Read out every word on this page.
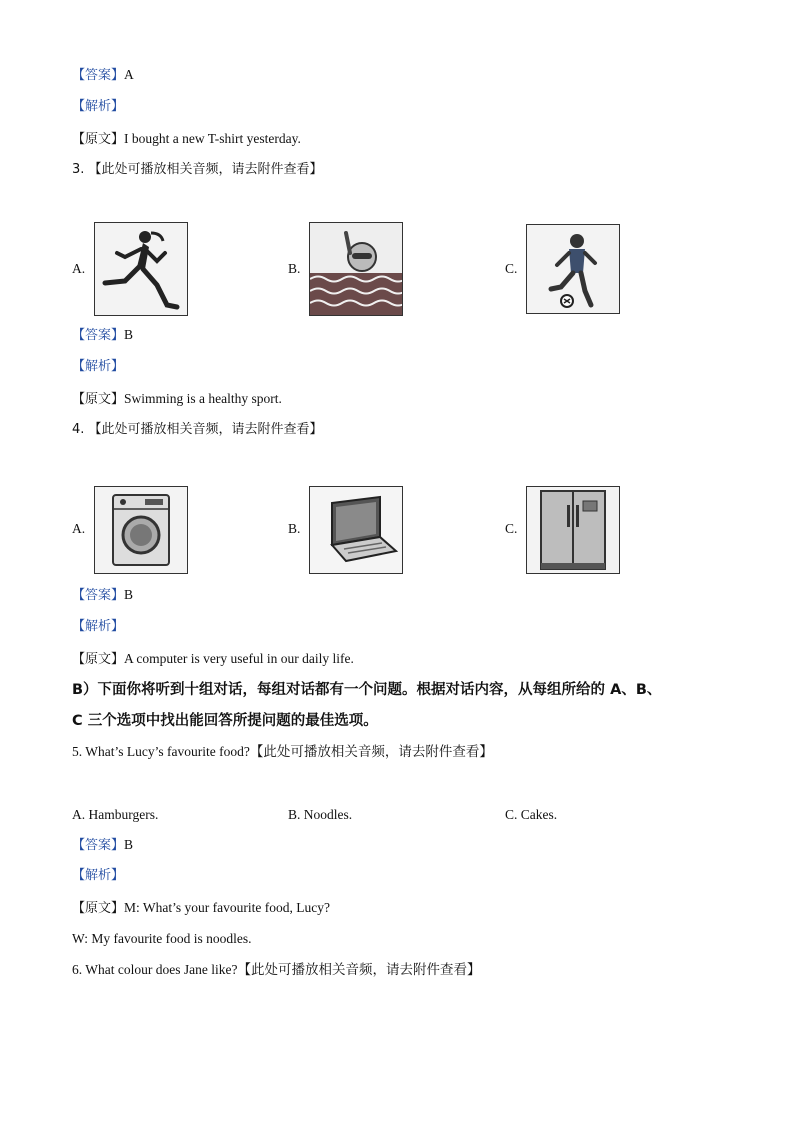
【答案】A
【解析】
【原文】I bought a new T-shirt yesterday.
3. 【此处可播放相关音频，请去附件查看】
A.	B.	C.
【答案】B
【解析】
【原文】Swimming is a healthy sport.
4. 【此处可播放相关音频，请去附件查看】
A.	B.	C.
【答案】B
【解析】
【原文】A computer is very useful in our daily life.
B）下面你将听到十组对话，每组对话都有一个问题。根据对话内容，从每组所给的 A、B、
C 三个选项中找出能回答所提问题的最佳选项。
5. What’s Lucy’s favourite food?【此处可播放相关音频，请去附件查看】
A. Hamburgers.	B. Noodles.	C. Cakes.
【答案】B
【解析】
【原文】M: What’s your favourite food, Lucy?
W: My favourite food is noodles.
6. What colour does Jane like?【此处可播放相关音频，请去附件查看】
